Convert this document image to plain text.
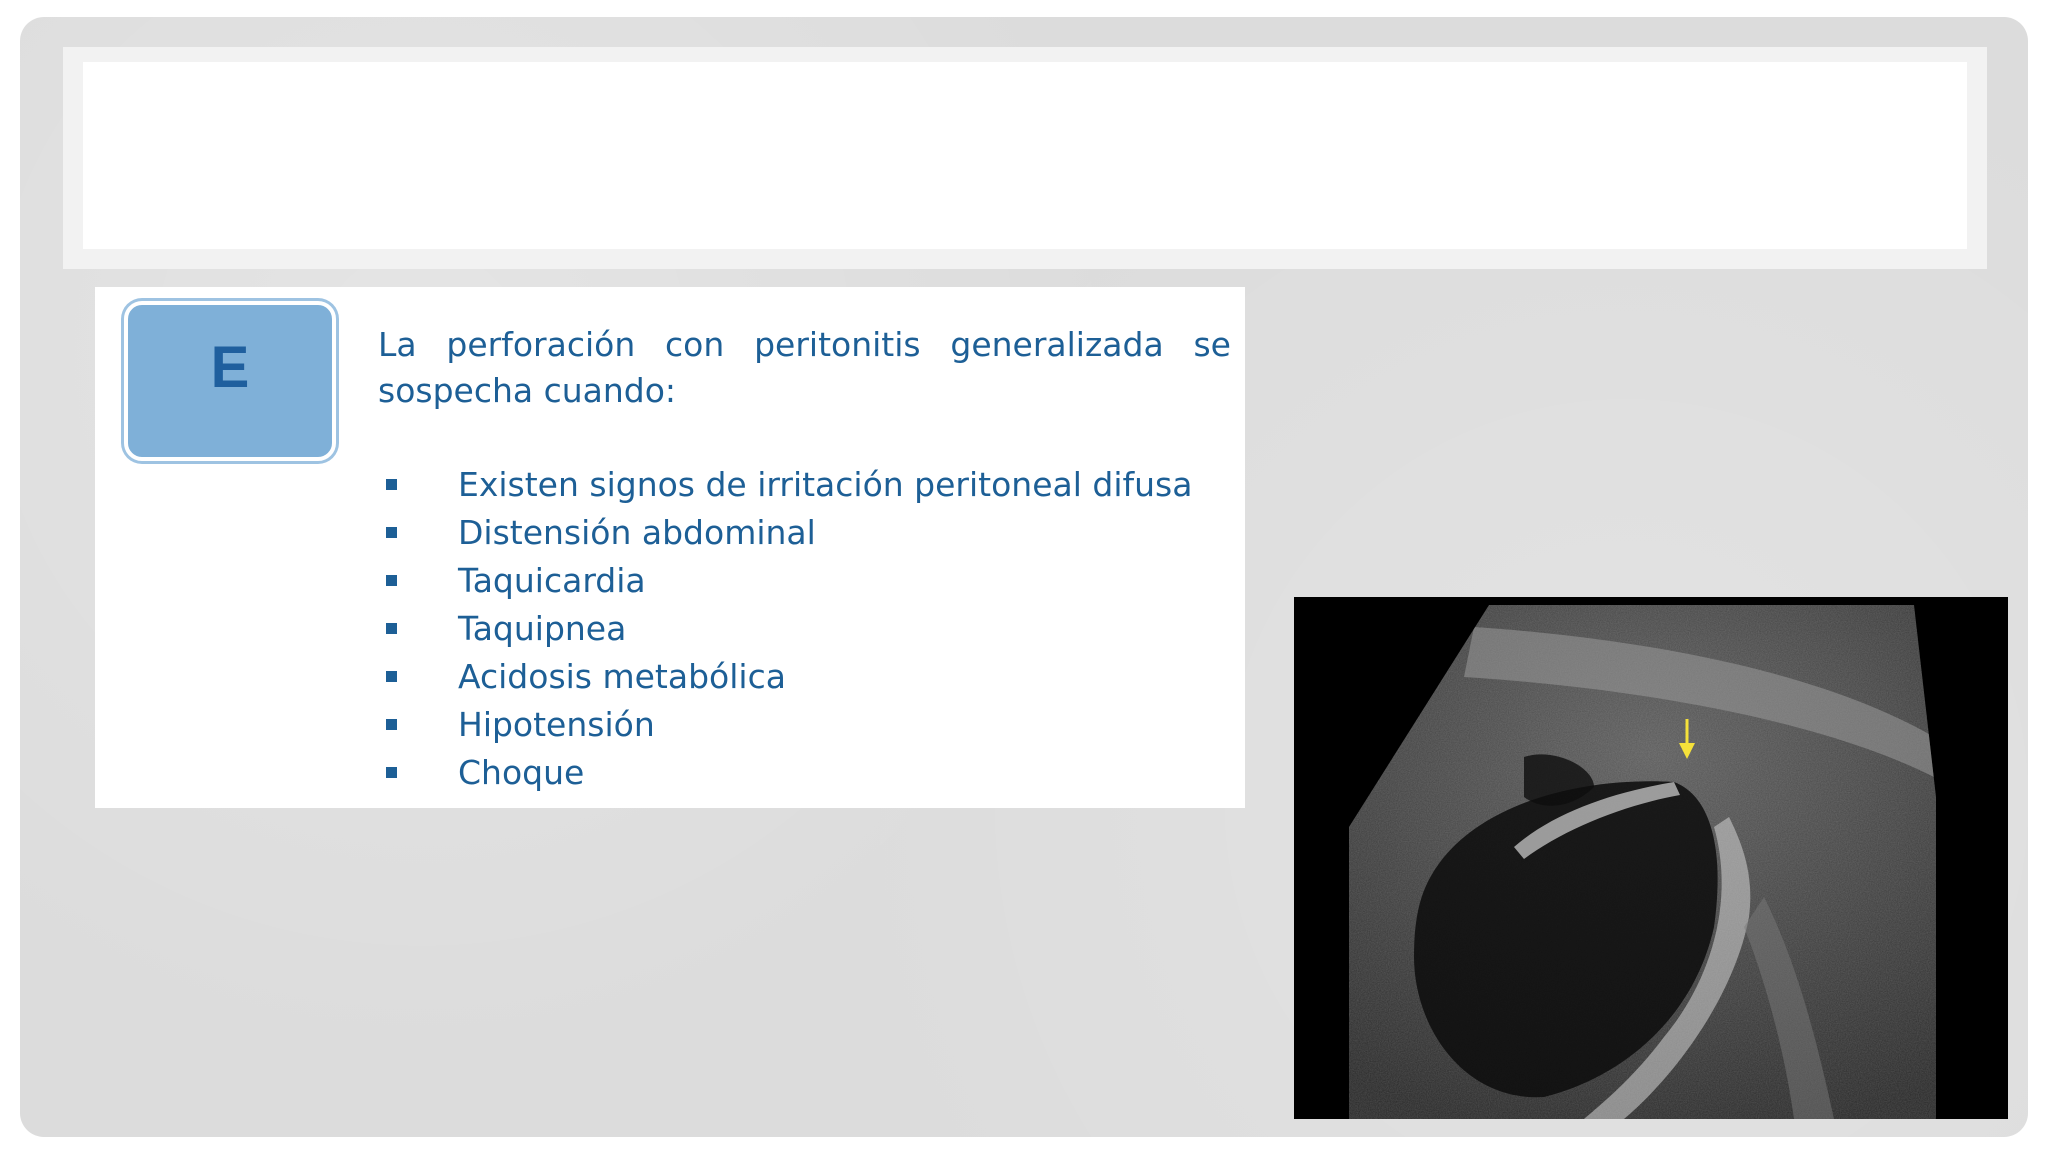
E	La perforación con peritonitis generalizada se sospecha cuando:
Existen signos de irritación peritoneal difusa
Distensión abdominal
Taquicardia
Taquipnea
Acidosis metabólica
Hipotensión
Choque
